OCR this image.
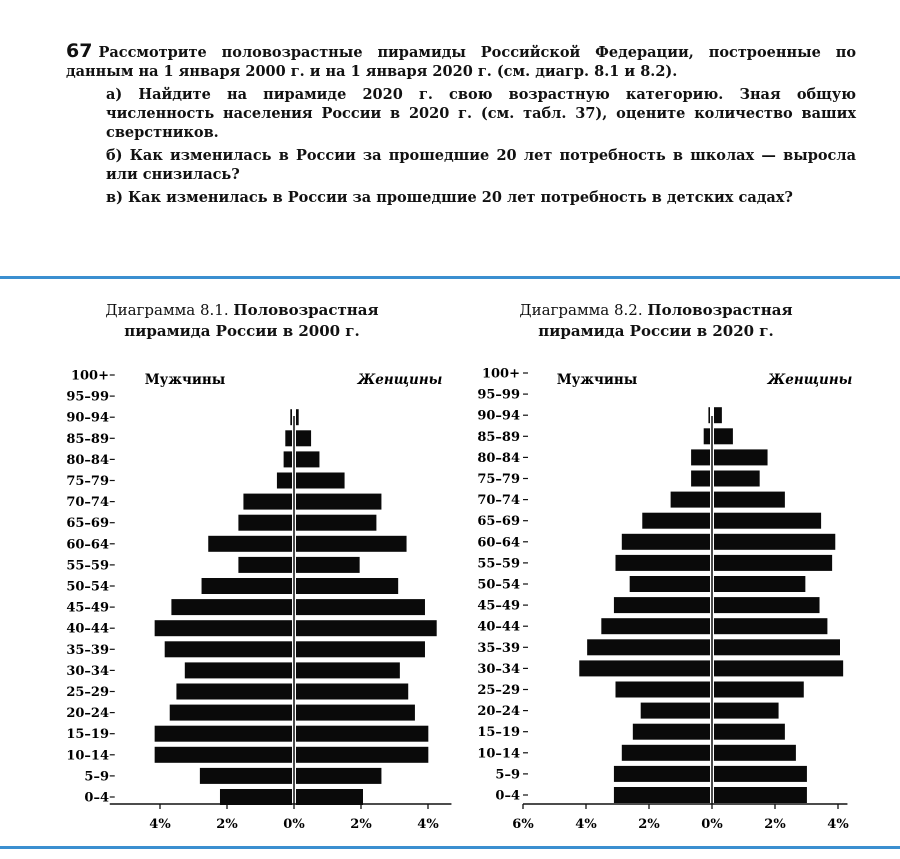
67 Рассмотрите половозрастные пирамиды Российской Федерации, построенные по данным на 1 января 2000 г. и на 1 января 2020 г. (см. диагр. 8.1 и 8.2).

а) Найдите на пирамиде 2020 г. свою возрастную категорию. Зная общую численность населения России в 2020 г. (см. табл. 37), оцените количество ваших сверстников.

б) Как изменилась в России за прошедшие 20 лет потребность в школах — выросла или снизилась?

в) Как изменилась в России за прошедшие 20 лет потребность в детских садах?

Диаграмма 8.1. Половозрастная
пирамида России в 2000 г.
Диаграмма 8.2. Половозрастная
пирамида России в 2020 г.
4%	2%	0%	2%	4%
100+
95–99
90–94
85–89
80–84
75–79
70–74
65–69
60–64
55–59
50–54
45–49
40–44
35–39
30–34
25–29
20–24
15–19
10–14
5–9
0–4
Мужчины	Женщины
6%	4%	2%	0%	2%	4%
100+
95–99
90–94
85–89
80–84
75–79
70–74
65–69
60–64
55–59
50–54
45–49
40–44
35–39
30–34
25–29
20–24
15–19
10–14
5–9
0–4
Мужчины	Женщины
